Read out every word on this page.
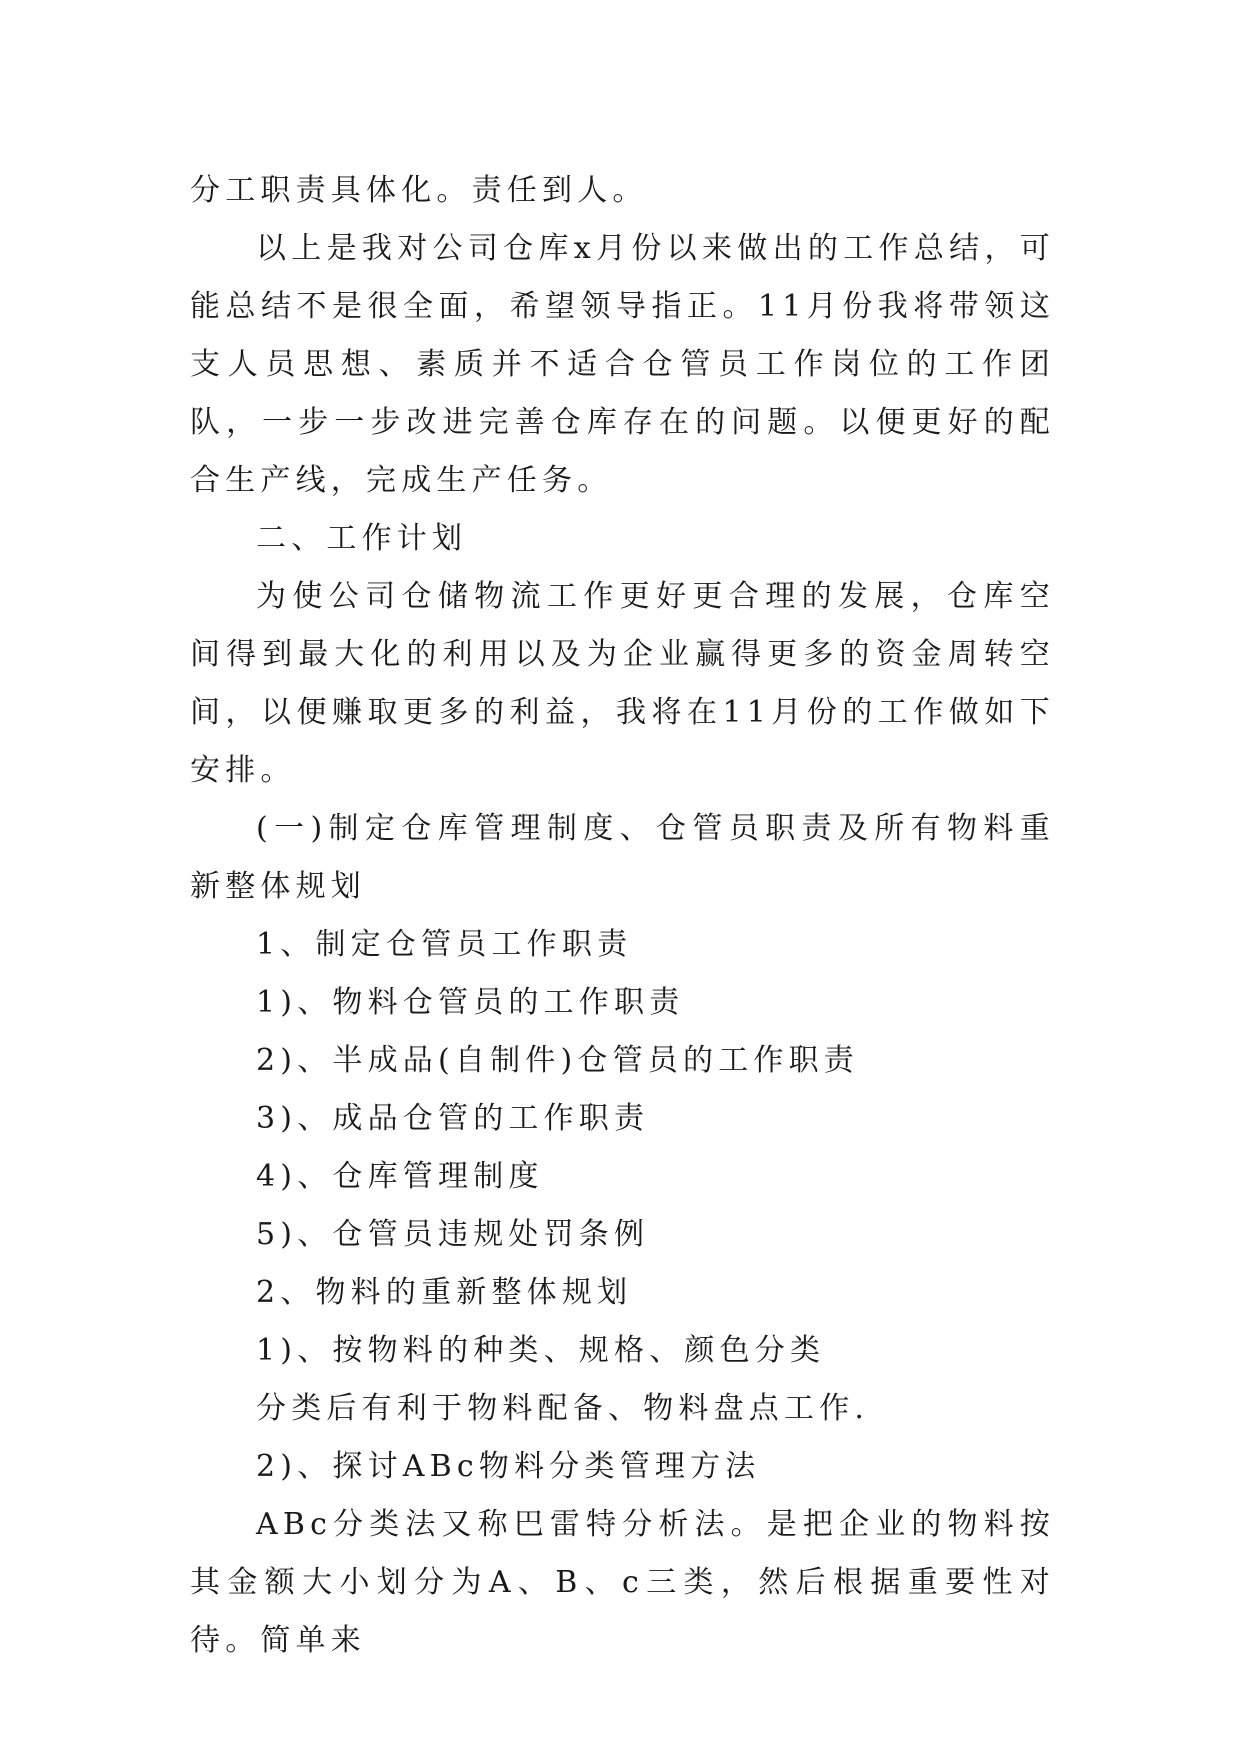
分工职责具体化。责任到人。

以上是我对公司仓库x月份以来做出的工作总结，可能总结不是很全面，希望领导指正。11月份我将带领这支人员思想、素质并不适合仓管员工作岗位的工作团队，一步一步改进完善仓库存在的问题。以便更好的配合生产线，完成生产任务。

二、工作计划

为使公司仓储物流工作更好更合理的发展，仓库空间得到最大化的利用以及为企业赢得更多的资金周转空间，以便赚取更多的利益，我将在11月份的工作做如下安排。

(一)制定仓库管理制度、仓管员职责及所有物料重新整体规划

1、制定仓管员工作职责

1)、物料仓管员的工作职责

2)、半成品(自制件)仓管员的工作职责

3)、成品仓管的工作职责

4)、仓库管理制度

5)、仓管员违规处罚条例

2、物料的重新整体规划

1)、按物料的种类、规格、颜色分类

分类后有利于物料配备、物料盘点工作.

2)、探讨ABc物料分类管理方法

ABc分类法又称巴雷特分析法。是把企业的物料按其金额大小划分为A、B、c三类，然后根据重要性对待。简单来
